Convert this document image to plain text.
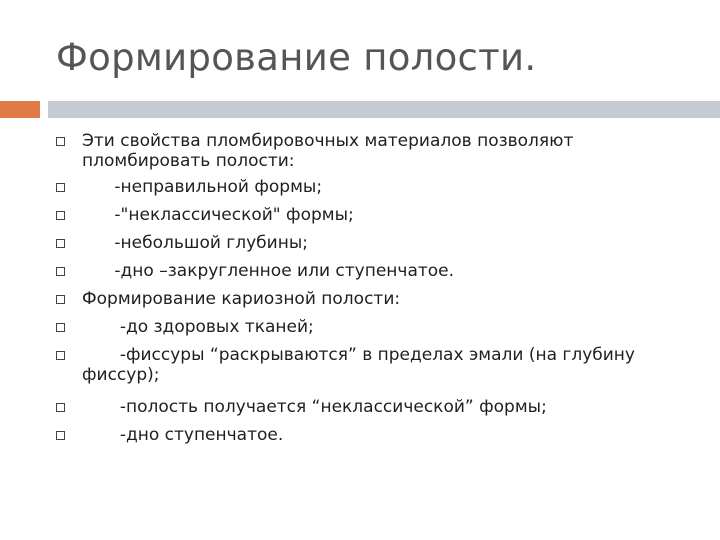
Формирование полости.
Эти свойства пломбировочных материалов позволяют
пломбировать полости:
-неправильной формы;
-"неклассической" формы;
-небольшой глубины;
-дно –закругленное или ступенчатое.
Формирование кариозной полости:
-до здоровых тканей;
-фиссуры “раскрываются” в пределах эмали (на глубину
фиссур);
-полость получается “неклассической” формы;
-дно ступенчатое.
